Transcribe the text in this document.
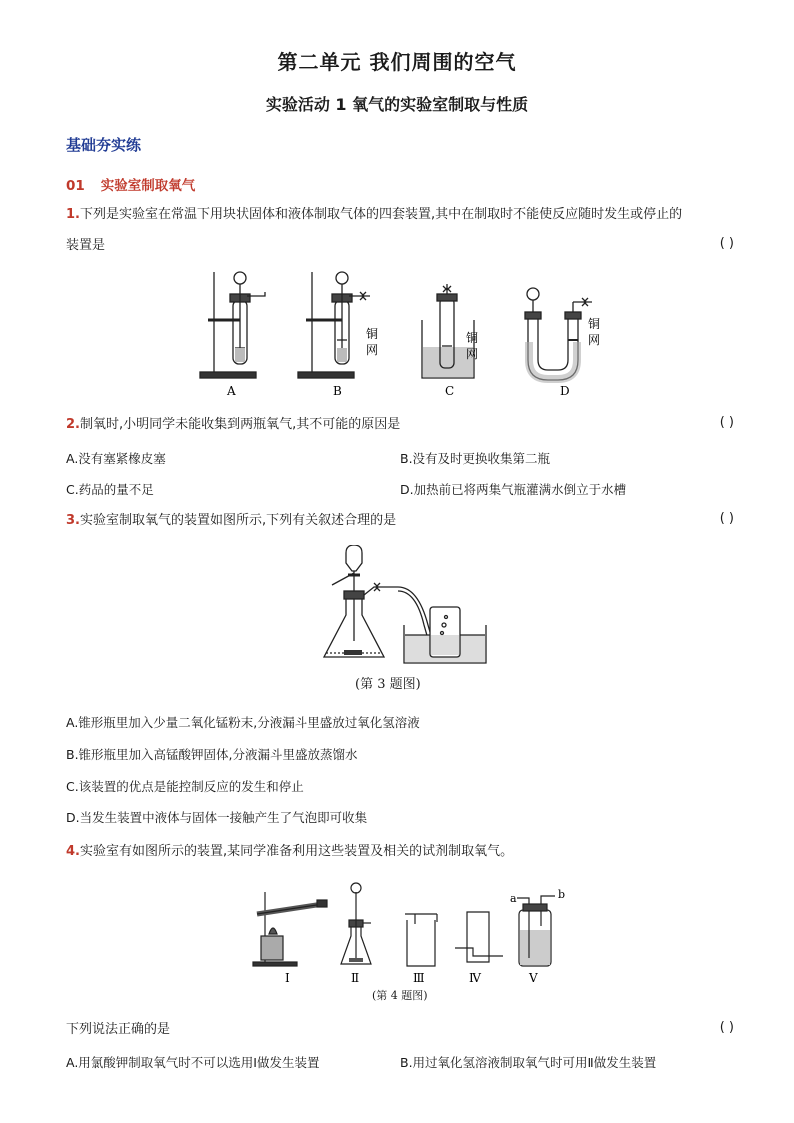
第二单元 我们周围的空气
实验活动 1 氧气的实验室制取与性质
基础夯实练
01 实验室制取氧气
1.下列是实验室在常温下用块状固体和液体制取气体的四套装置,其中在制取时不能使反应随时发生或停止的
装置是	( )
A
铜
网
B
铜
网
C
铜
网
D
2.制氧时,小明同学未能收集到两瓶氧气,其不可能的原因是	( )
A.没有塞紧橡皮塞	B.没有及时更换收集第二瓶
C.药品的量不足	D.加热前已将两集气瓶灌满水倒立于水槽
3.实验室制取氧气的装置如图所示,下列有关叙述合理的是	( )
(第 3 题图)
A.锥形瓶里加入少量二氧化锰粉末,分液漏斗里盛放过氧化氢溶液
B.锥形瓶里加入高锰酸钾固体,分液漏斗里盛放蒸馏水
C.该装置的优点是能控制反应的发生和停止
D.当发生装置中液体与固体一接触产生了气泡即可收集
4.实验室有如图所示的装置,某同学准备利用这些装置及相关的试剂制取氧气。
a	b
Ⅰ	Ⅱ	Ⅲ	Ⅳ	Ⅴ
(第 4 题图)
下列说法正确的是	( )
A.用氯酸钾制取氧气时不可以选用Ⅰ做发生装置	B.用过氧化氢溶液制取氧气时可用Ⅱ做发生装置
